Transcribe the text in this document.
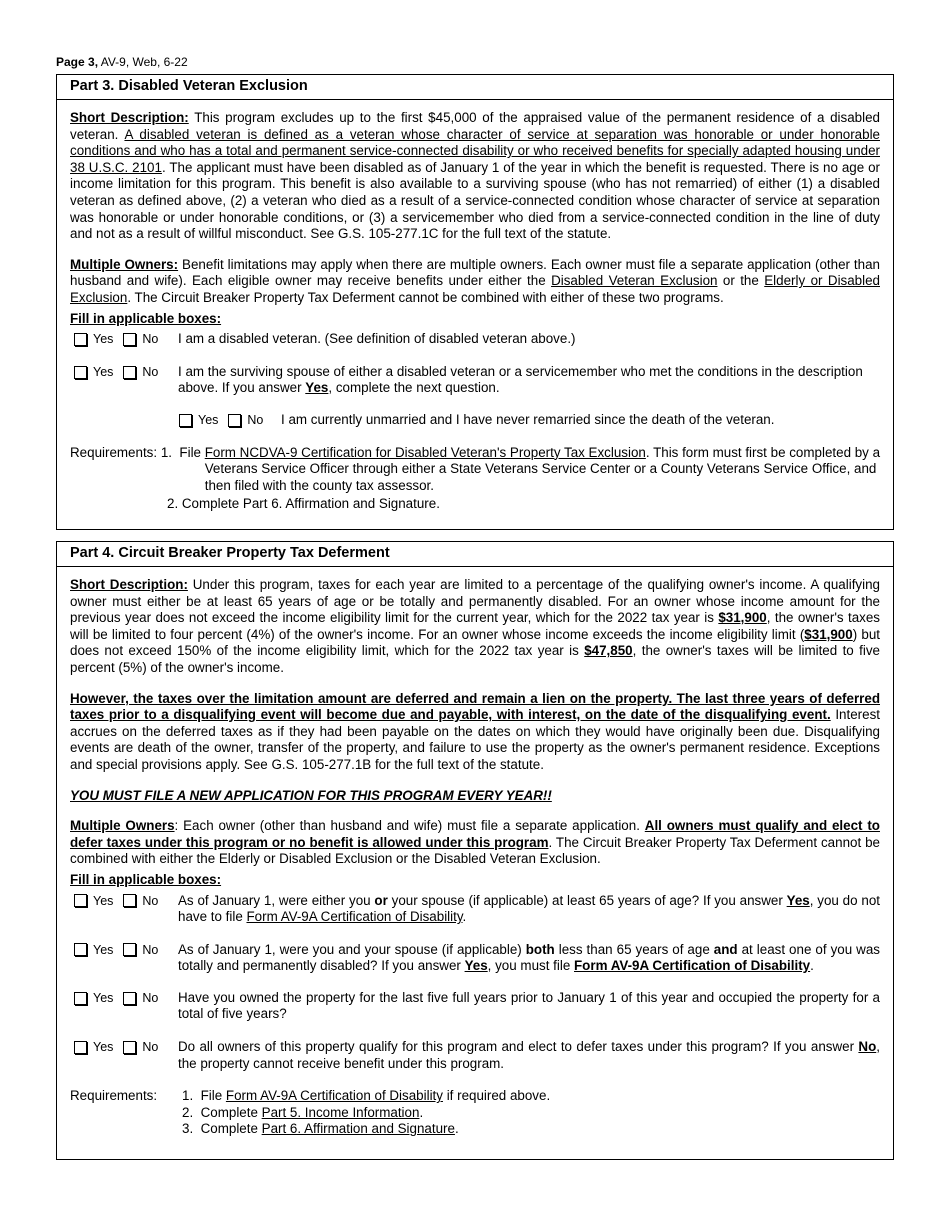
Page 3, AV-9, Web, 6-22
Part 3. Disabled Veteran Exclusion

Short Description: This program excludes up to the first $45,000 of the appraised value of the permanent residence of a disabled veteran. A disabled veteran is defined as a veteran whose character of service at separation was honorable or under honorable conditions and who has a total and permanent service-connected disability or who received benefits for specially adapted housing under 38 U.S.C. 2101. The applicant must have been disabled as of January 1 of the year in which the benefit is requested. There is no age or income limitation for this program. This benefit is also available to a surviving spouse (who has not remarried) of either (1) a disabled veteran as defined above, (2) a veteran who died as a result of a service-connected condition whose character of service at separation was honorable or under honorable conditions, or (3) a servicemember who died from a service-connected condition in the line of duty and not as a result of willful misconduct. See G.S. 105-277.1C for the full text of the statute.

Multiple Owners: Benefit limitations may apply when there are multiple owners. Each owner must file a separate application (other than husband and wife). Each eligible owner may receive benefits under either the Disabled Veteran Exclusion or the Elderly or Disabled Exclusion. The Circuit Breaker Property Tax Deferment cannot be combined with either of these two programs.

Fill in applicable boxes:
Yes No I am a disabled veteran. (See definition of disabled veteran above.)
Yes No I am the surviving spouse of either a disabled veteran or a servicemember who met the conditions in the description above. If you answer Yes, complete the next question.
Yes No I am currently unmarried and I have never remarried since the death of the veteran.
Requirements: 1.  File Form NCDVA-9 Certification for Disabled Veteran's Property Tax Exclusion. This form must first be completed by a Veterans Service Officer through either a State Veterans Service Center or a County Veterans Service Office, and then filed with the county tax assessor.
2. Complete Part 6. Affirmation and Signature.
Part 4. Circuit Breaker Property Tax Deferment

Short Description: Under this program, taxes for each year are limited to a percentage of the qualifying owner's income. A qualifying owner must either be at least 65 years of age or be totally and permanently disabled. For an owner whose income amount for the previous year does not exceed the income eligibility limit for the current year, which for the 2022 tax year is $31,900, the owner's taxes will be limited to four percent (4%) of the owner's income. For an owner whose income exceeds the income eligibility limit ($31,900) but does not exceed 150% of the income eligibility limit, which for the 2022 tax year is $47,850, the owner's taxes will be limited to five percent (5%) of the owner's income.

However, the taxes over the limitation amount are deferred and remain a lien on the property. The last three years of deferred taxes prior to a disqualifying event will become due and payable, with interest, on the date of the disqualifying event. Interest accrues on the deferred taxes as if they had been payable on the dates on which they would have originally been due. Disqualifying events are death of the owner, transfer of the property, and failure to use the property as the owner's permanent residence. Exceptions and special provisions apply. See G.S. 105-277.1B for the full text of the statute.

YOU MUST FILE A NEW APPLICATION FOR THIS PROGRAM EVERY YEAR!!

Multiple Owners: Each owner (other than husband and wife) must file a separate application. All owners must qualify and elect to defer taxes under this program or no benefit is allowed under this program. The Circuit Breaker Property Tax Deferment cannot be combined with either the Elderly or Disabled Exclusion or the Disabled Veteran Exclusion.

Fill in applicable boxes:
Yes No As of January 1, were either you or your spouse (if applicable) at least 65 years of age? If you answer Yes, you do not have to file Form AV-9A Certification of Disability.
Yes No As of January 1, were you and your spouse (if applicable) both less than 65 years of age and at least one of you was totally and permanently disabled? If you answer Yes, you must file Form AV-9A Certification of Disability.
Yes No Have you owned the property for the last five full years prior to January 1 of this year and occupied the property for a total of five years?
Yes No Do all owners of this property qualify for this program and elect to defer taxes under this program? If you answer No, the property cannot receive benefit under this program.
Requirements:	1.  File Form AV-9A Certification of Disability if required above.
2.  Complete Part 5. Income Information.
3.  Complete Part 6. Affirmation and Signature.
